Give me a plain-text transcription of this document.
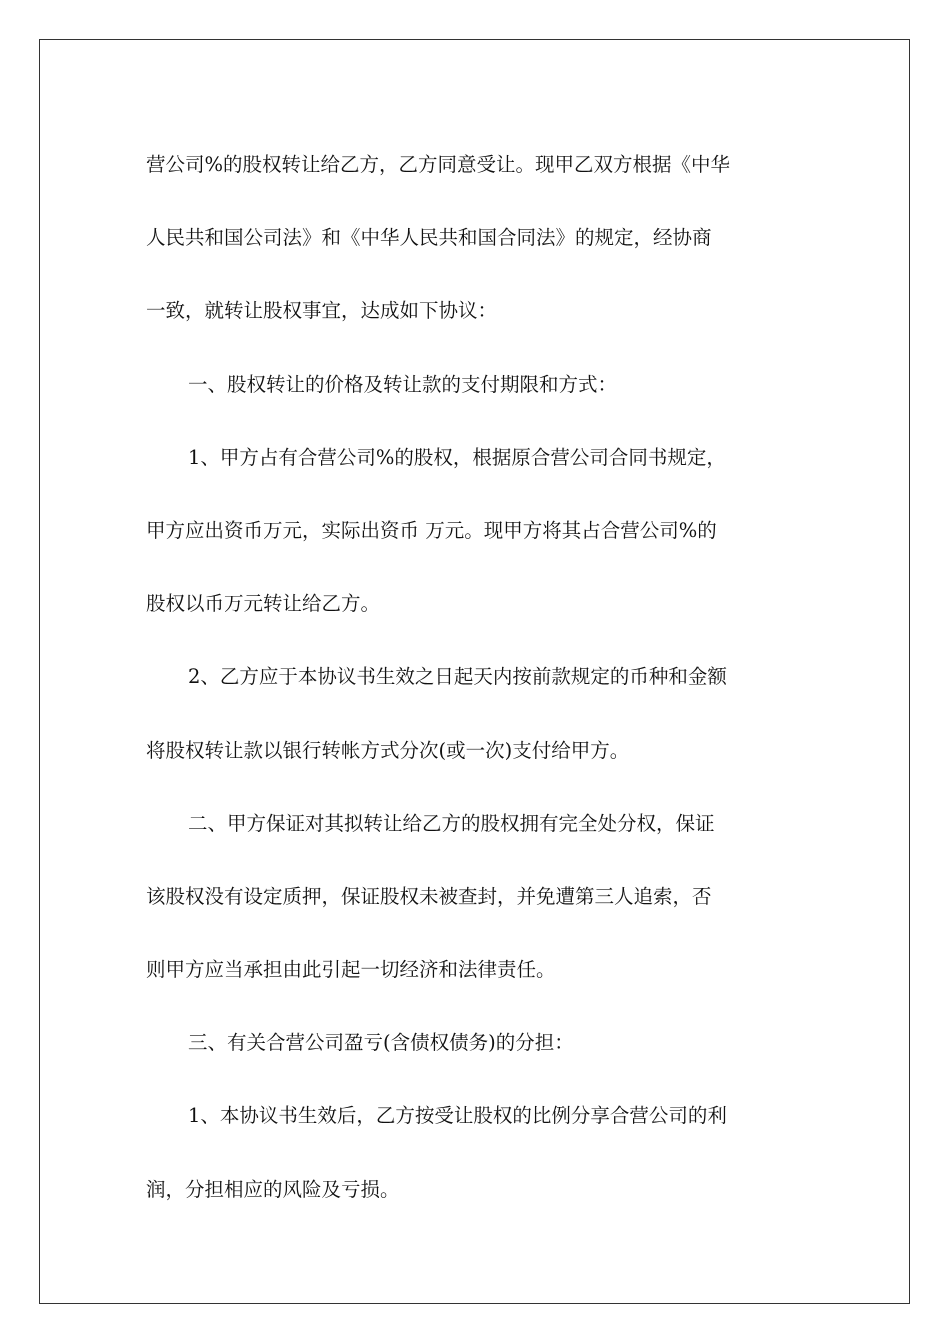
营公司%的股权转让给乙方，乙方同意受让。现甲乙双方根据《中华

人民共和国公司法》和《中华人民共和国合同法》的规定，经协商

一致，就转让股权事宜，达成如下协议：

一、股权转让的价格及转让款的支付期限和方式：

1、甲方占有合营公司%的股权，根据原合营公司合同书规定，

甲方应出资币万元，实际出资币 万元。现甲方将其占合营公司%的

股权以币万元转让给乙方。

2、乙方应于本协议书生效之日起天内按前款规定的币种和金额

将股权转让款以银行转帐方式分次(或一次)支付给甲方。

二、甲方保证对其拟转让给乙方的股权拥有完全处分权，保证

该股权没有设定质押，保证股权未被查封，并免遭第三人追索，否

则甲方应当承担由此引起一切经济和法律责任。

三、有关合营公司盈亏(含债权债务)的分担：

1、本协议书生效后，乙方按受让股权的比例分享合营公司的利

润，分担相应的风险及亏损。
